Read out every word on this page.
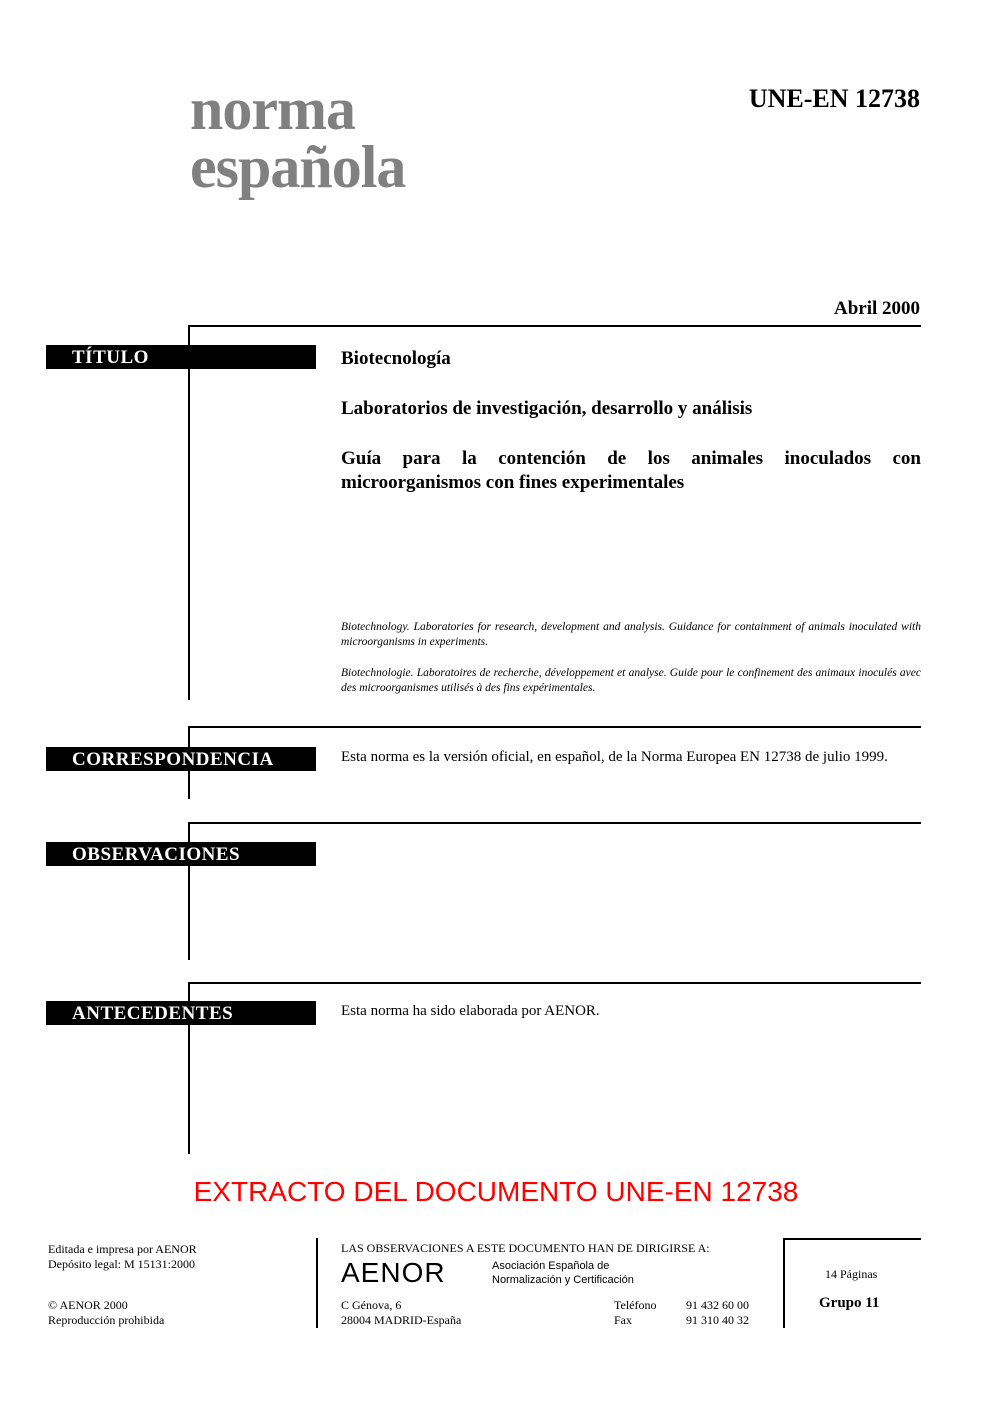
norma
española
UNE-EN 12738
Abril 2000
TÍTULO	Biotecnología
Laboratorios de investigación, desarrollo y análisis
Guía para la contención de los animales inoculados con microorganismos con fines experimentales
Biotechnology. Laboratories for research, development and analysis. Guidance for containment of animals inoculated with microorganisms in experiments.
Biotechnologie. Laboratoires de recherche, développement et analyse. Guide pour le confinement des animaux inoculés avec des microorganismes utilisés à des fins expérimentales.
CORRESPONDENCIA	Esta norma es la versión oficial, en español, de la Norma Europea EN 12738 de julio 1999.
OBSERVACIONES
ANTECEDENTES	Esta norma ha sido elaborada por AENOR.
EXTRACTO DEL DOCUMENTO UNE-EN 12738
Editada e impresa por AENOR
Depósito legal: M 15131:2000
© AENOR 2000
Reproducción prohibida
LAS OBSERVACIONES A ESTE DOCUMENTO HAN DE DIRIGIRSE A:
AENOR	Asociación Española de
Normalización y Certificación
C Génova, 6
28004 MADRID-España
Teléfono 91 432 60 00
Fax	91 310 40 32
14 Páginas
Grupo 11
